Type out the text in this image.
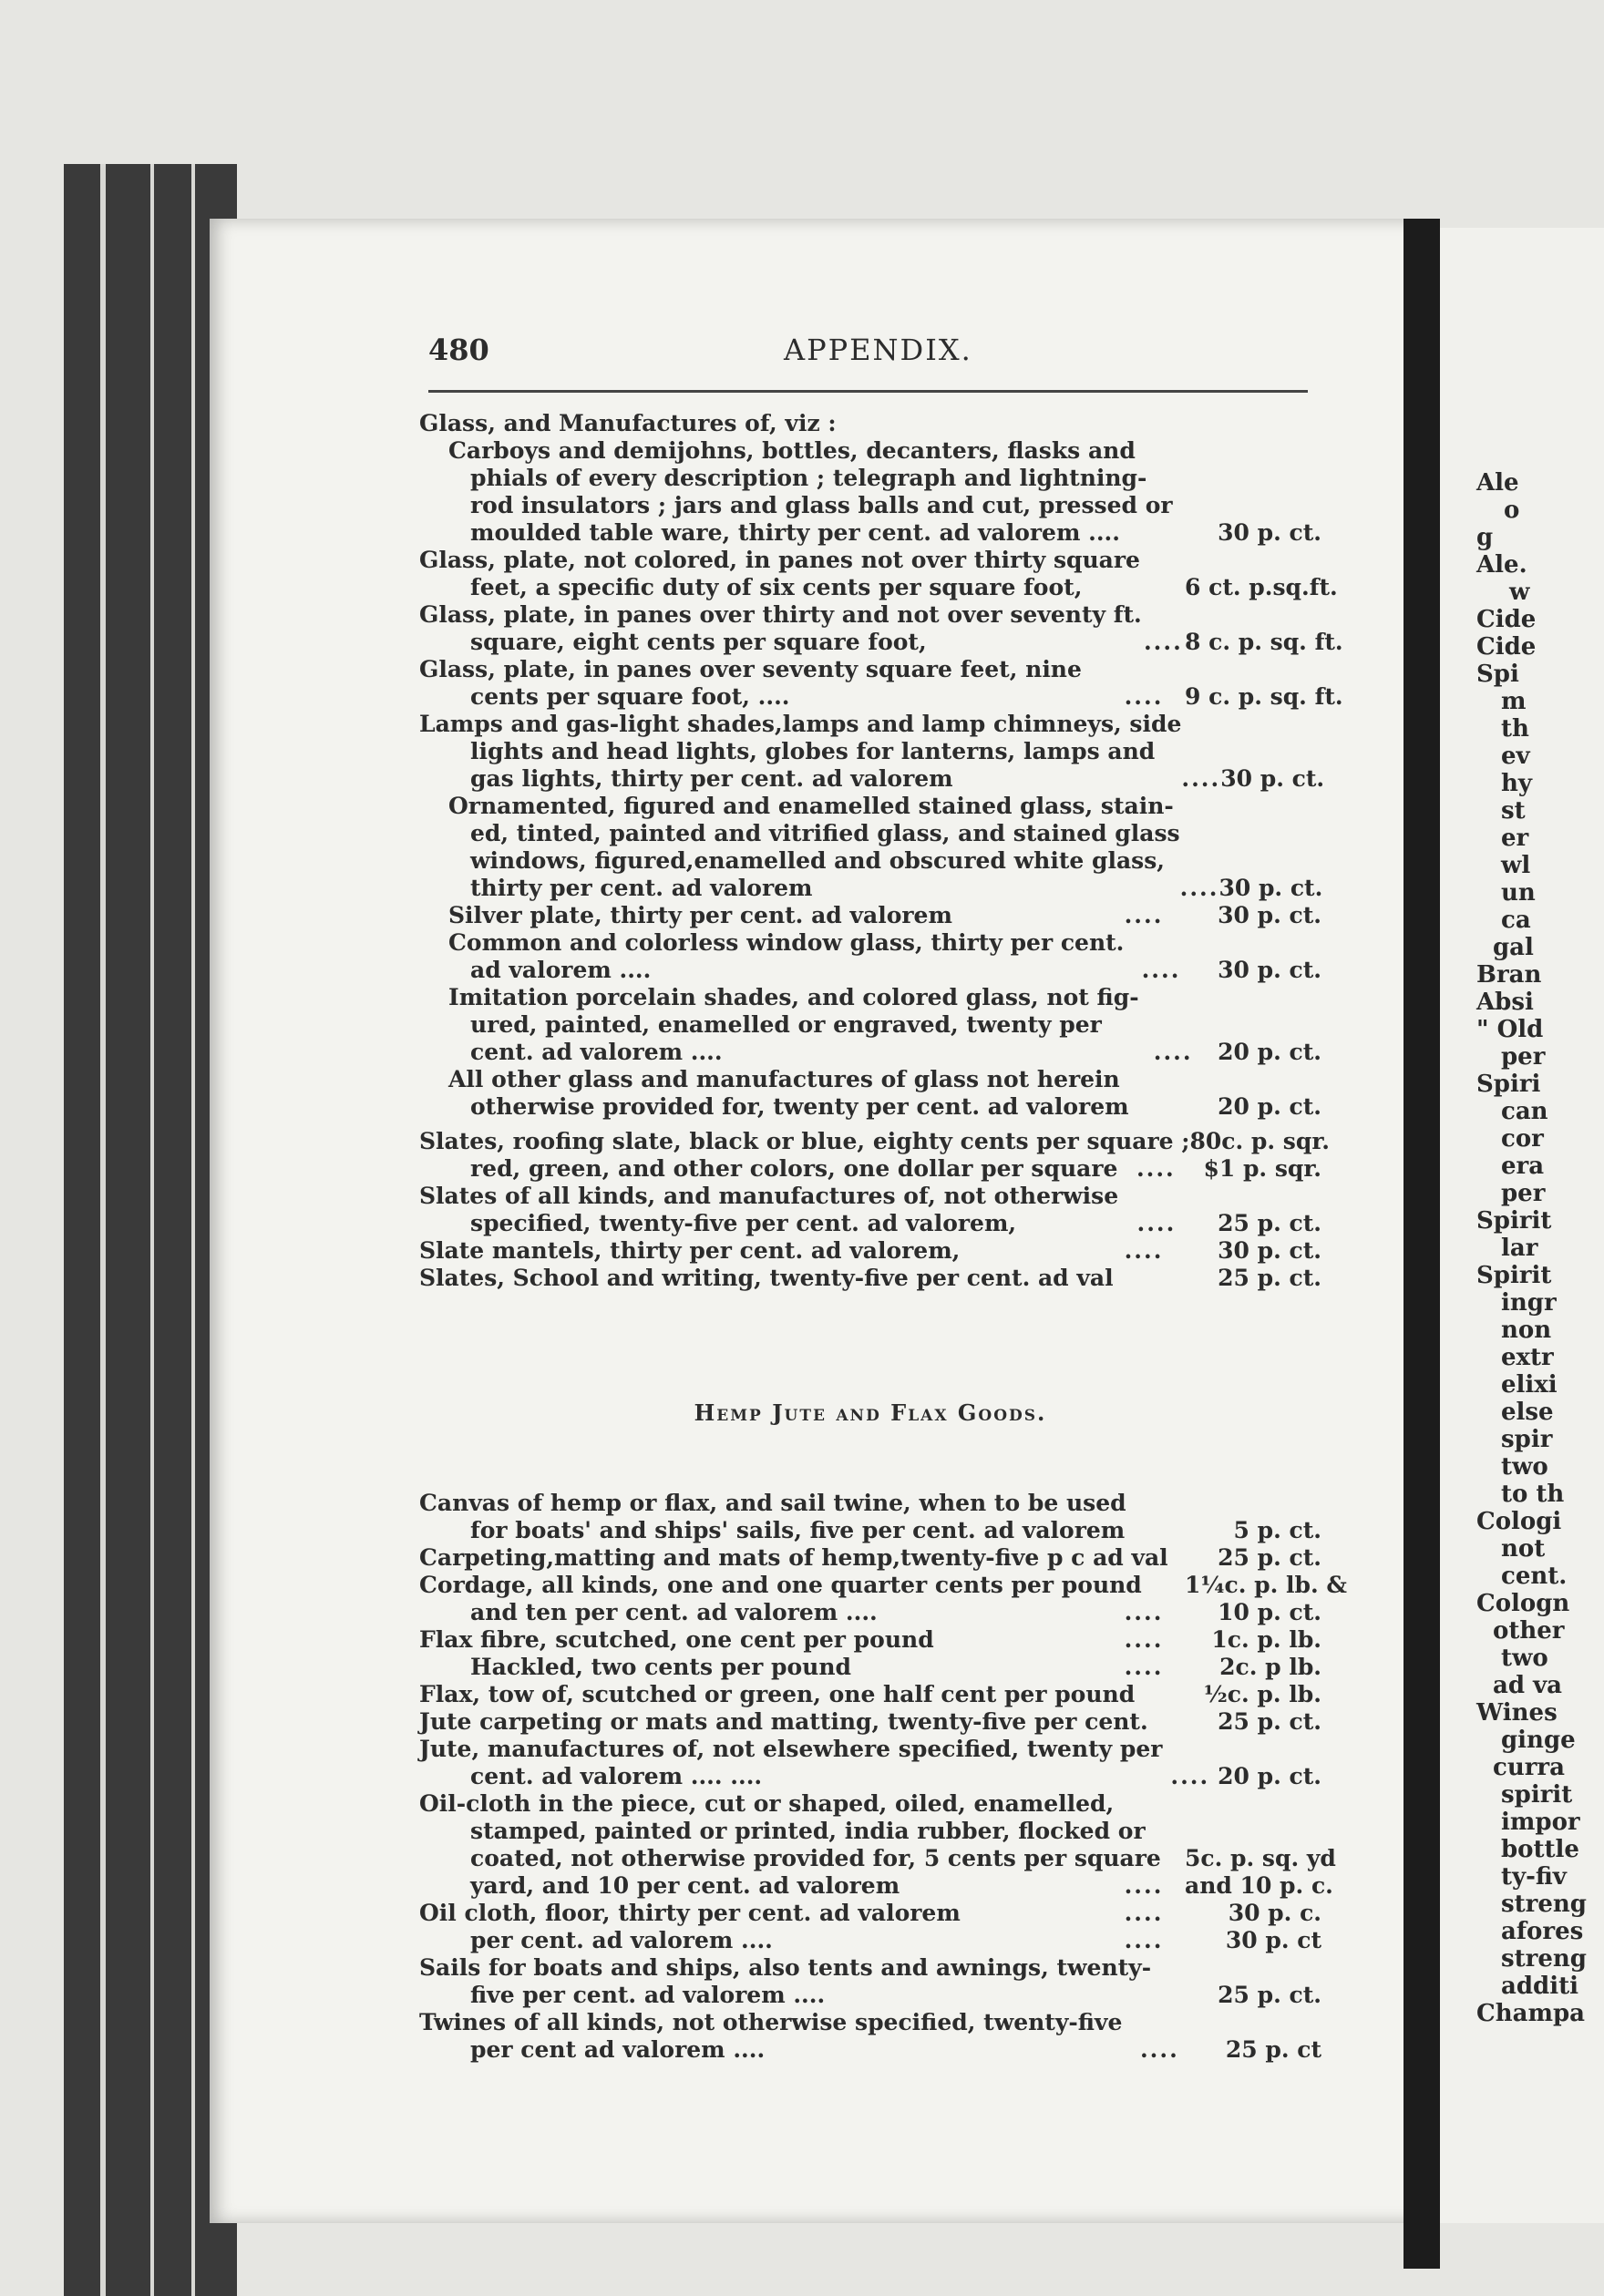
Ale
o
g
Ale.
w
Cide
Cide
Spi
m
th
ev
hy
st
er
wl
un
ca
gal
Bran
Absi
" Old
per
Spiri
can
cor
era
per
Spirit
lar
Spirit
ingr
non
extr
elixi
else
spir
two
to th
Cologi
not
cent.
Cologn
other
two
ad va
Wines
ginge
curra
spirit
impor
bottle
ty-fiv
streng
afores
streng
additi
Champa
480	APPENDIX.
Glass, and Manufactures of, viz :
Carboys and demijohns, bottles, decanters, flasks and
phials of every description ; telegraph and lightning-
rod insulators ; jars and glass balls and cut, pressed or
moulded table ware, thirty per cent. ad valorem ....	30 p. ct.
Glass, plate, not colored, in panes not over thirty square
feet, a specific duty of six cents per square foot,	6 ct. p.sq.ft.
Glass, plate, in panes over thirty and not over seventy ft.
square, eight cents per square foot,	.... 8 c. p. sq. ft.
Glass, plate, in panes over seventy square feet, nine
cents per square foot, ....	.... 9 c. p. sq. ft.
Lamps and gas-light shades,lamps and lamp chimneys, side
lights and head lights, globes for lanterns, lamps and
gas lights, thirty per cent. ad valorem	.... 30 p. ct.
Ornamented, figured and enamelled stained glass, stain-
ed, tinted, painted and vitrified glass, and stained glass
windows, figured,enamelled and obscured white glass,
thirty per cent. ad valorem	.... 30 p. ct.
Silver plate, thirty per cent. ad valorem	....	30 p. ct.
Common and colorless window glass, thirty per cent.
ad valorem ....	....	30 p. ct.
Imitation porcelain shades, and colored glass, not fig-
ured, painted, enamelled or engraved, twenty per
cent. ad valorem ....	....	20 p. ct.
All other glass and manufactures of glass not herein
otherwise provided for, twenty per cent. ad valorem	20 p. ct.
Slates, roofing slate, black or blue, eighty cents per square ; 80c. p. sqr.
red, green, and other colors, one dollar per square ....	$1 p. sqr.
Slates of all kinds, and manufactures of, not otherwise
specified, twenty-five per cent. ad valorem,	....	25 p. ct.
Slate mantels, thirty per cent. ad valorem,	....	30 p. ct.
Slates, School and writing, twenty-five per cent. ad val	25 p. ct.
Hemp Jute and Flax Goods.
Canvas of hemp or flax, and sail twine, when to be used
for boats' and ships' sails, five per cent. ad valorem	5 p. ct.
Carpeting,matting and mats of hemp,twenty-five p c ad val 25 p. ct.
Cordage, all kinds, one and one quarter cents per pound 1¼c. p. lb. &
and ten per cent. ad valorem ....	....	10 p. ct.
Flax fibre, scutched, one cent per pound	....	1c. p. lb.
Hackled, two cents per pound	....	2c. p lb.
Flax, tow of, scutched or green, one half cent per pound	½c. p. lb.
Jute carpeting or mats and matting, twenty-five per cent.	25 p. ct.
Jute, manufactures of, not elsewhere specified, twenty per
cent. ad valorem .... ....	.... 20 p. ct.
Oil-cloth in the piece, cut or shaped, oiled, enamelled,
stamped, painted or printed, india rubber, flocked or
coated, not otherwise provided for, 5 cents per square 5c. p. sq. yd
yard, and 10 per cent. ad valorem	.... and 10 p. c.
Oil cloth, floor, thirty per cent. ad valorem	....	30 p. c.
per cent. ad valorem ....	....	30 p. ct
Sails for boats and ships, also tents and awnings, twenty-
five per cent. ad valorem ....	25 p. ct.
Twines of all kinds, not otherwise specified, twenty-five
per cent ad valorem ....	....	25 p. ct
